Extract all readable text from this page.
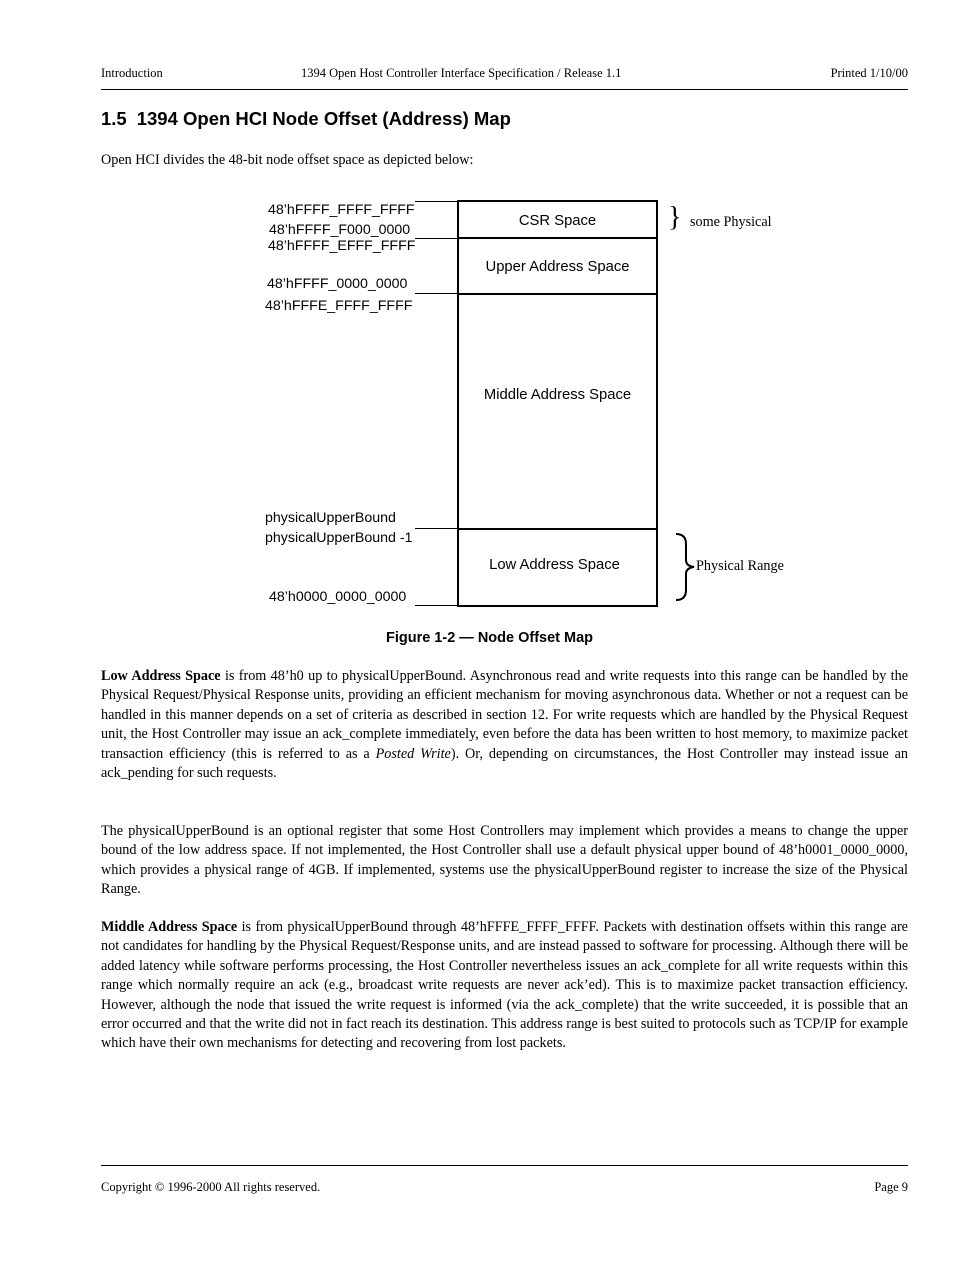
Introduction	1394 Open Host Controller Interface Specification / Release 1.1	Printed 1/10/00
1.5 1394 Open HCI Node Offset (Address) Map
Open HCI divides the 48-bit node offset space as depicted below:
48’hFFFF_FFFF_FFFF
48’hFFFF_F000_0000
48’hFFFF_EFFF_FFFF
48’hFFFF_0000_0000
48’hFFFE_FFFF_FFFF
physicalUpperBound
physicalUpperBound -1
48’h0000_0000_0000
CSR Space
Upper Address Space
Middle Address Space
Low Address Space
} some Physical
Physical Range
Figure 1-2 — Node Offset Map
Low Address Space is from 48’h0 up to physicalUpperBound. Asynchronous read and write requests into this range can be handled by the Physical Request/Physical Response units, providing an efficient mechanism for moving asynchronous data. Whether or not a request can be handled in this manner depends on a set of criteria as described in section 12. For write requests which are handled by the Physical Request unit, the Host Controller may issue an ack_complete immediately, even before the data has been written to host memory, to maximize packet transaction efficiency (this is referred to as a Posted Write). Or, depending on circumstances, the Host Controller may instead issue an ack_pending for such requests.
The physicalUpperBound is an optional register that some Host Controllers may implement which provides a means to change the upper bound of the low address space. If not implemented, the Host Controller shall use a default physical upper bound of 48’h0001_0000_0000, which provides a physical range of 4GB. If implemented, systems use the physicalUpperBound register to increase the size of the Physical Range.
Middle Address Space is from physicalUpperBound through 48’hFFFE_FFFF_FFFF. Packets with destination offsets within this range are not candidates for handling by the Physical Request/Response units, and are instead passed to software for processing. Although there will be added latency while software performs processing, the Host Controller nevertheless issues an ack_complete for all write requests within this range which normally require an ack (e.g., broadcast write requests are never ack’ed). This is to maximize packet transaction efficiency. However, although the node that issued the write request is informed (via the ack_complete) that the write succeeded, it is possible that an error occurred and that the write did not in fact reach its destination. This address range is best suited to protocols such as TCP/IP for example which have their own mechanisms for detecting and recovering from lost packets.
Copyright © 1996-2000 All rights reserved.	Page 9
